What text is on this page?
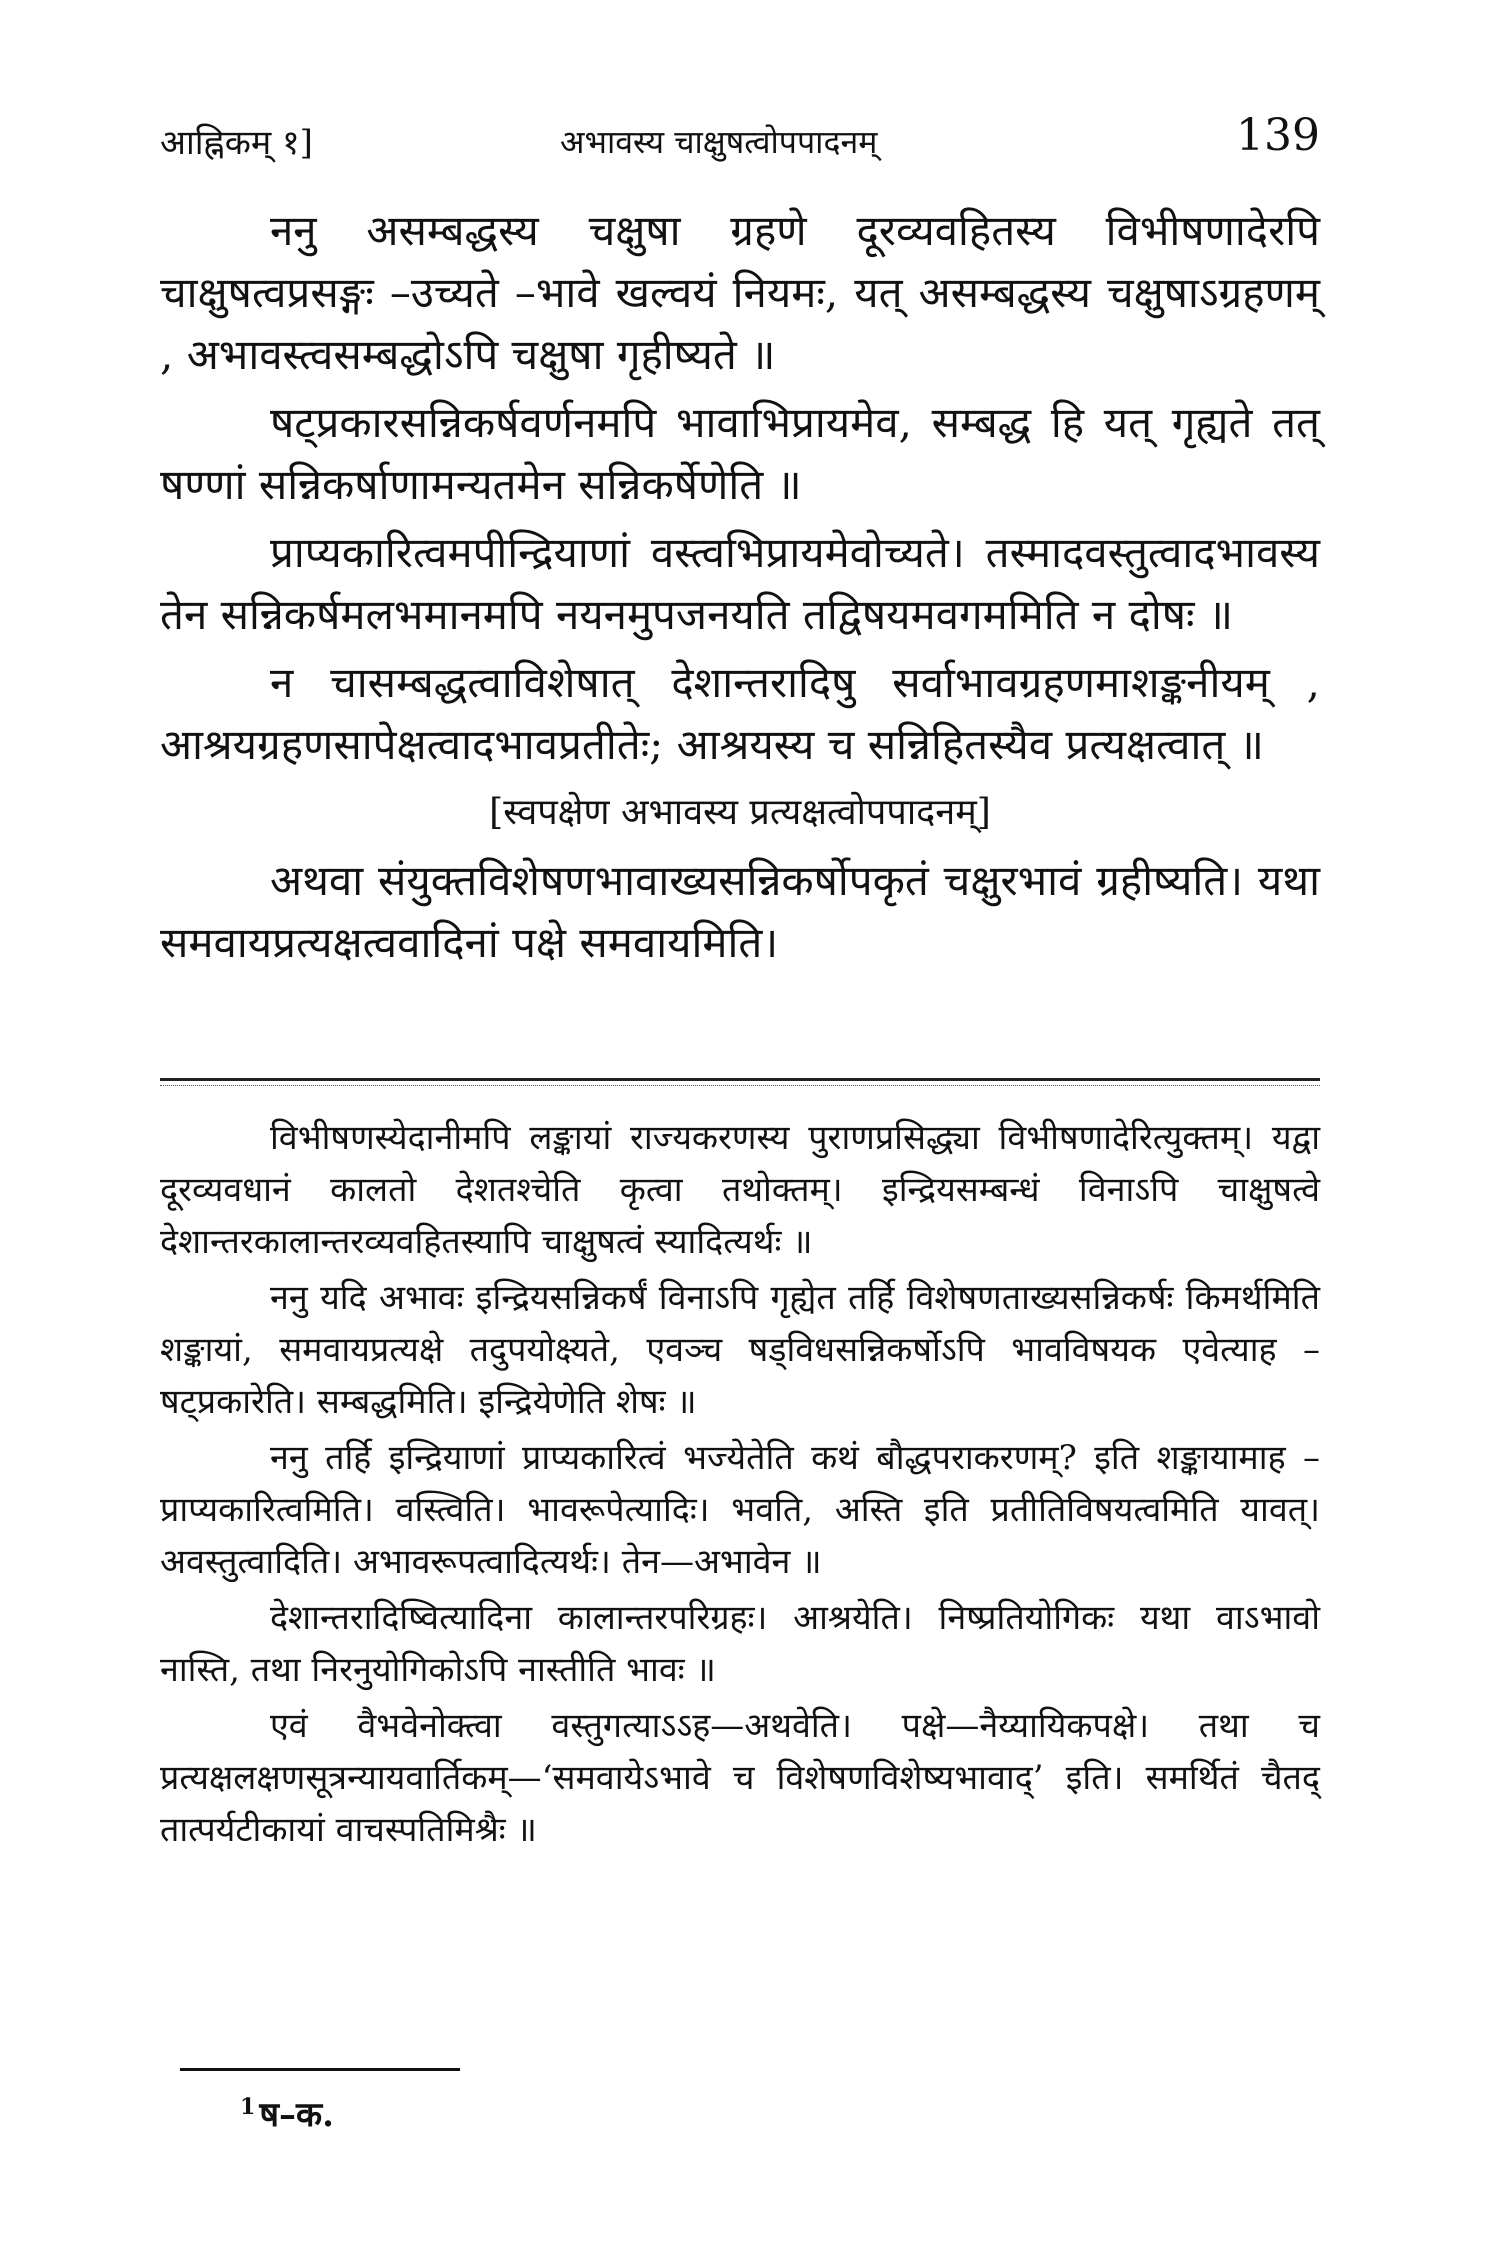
आह्निकम् १]	अभावस्य चाक्षुषत्वोपपादनम्	139

ननु असम्बद्धस्य चक्षुषा ग्रहणे दूरव्यवहितस्य विभीषणादेरपि चाक्षुषत्वप्रसङ्गः –उच्यते –भावे खल्वयं नियमः, यत् असम्बद्धस्य चक्षुषाऽग्रहणम् , अभावस्त्वसम्बद्धोऽपि चक्षुषा गृहीष्यते ॥

षट्प्रकारसन्निकर्षवर्णनमपि भावाभिप्रायमेव, सम्बद्ध हि यत् गृह्यते तत् षण्णां सन्निकर्षाणामन्यतमेन सन्निकर्षेणेति ॥

प्राप्यकारित्वमपीन्द्रियाणां वस्त्वभिप्रायमेवोच्यते। तस्मादवस्तुत्वादभावस्य तेन सन्निकर्षमलभमानमपि नयनमुपजनयति तद्विषयमवगममिति न दोषः ॥

न चासम्बद्धत्वाविशेषात् देशान्तरादिषु सर्वाभावग्रहणमाशङ्कनीयम् , आश्रयग्रहणसापेक्षत्वादभावप्रतीतेः; आश्रयस्य च सन्निहितस्यैव प्रत्यक्षत्वात् ॥

[स्वपक्षेण अभावस्य प्रत्यक्षत्वोपपादनम्]

अथवा संयुक्तविशेषणभावाख्यसन्निकर्षोपकृतं चक्षुरभावं ग्रहीष्यति। यथा समवायप्रत्यक्षत्ववादिनां पक्षे समवायमिति।

विभीषणस्येदानीमपि लङ्कायां राज्यकरणस्य पुराणप्रसिद्ध्या विभीषणादेरित्युक्तम्। यद्वा दूरव्यवधानं कालतो देशतश्चेति कृत्वा तथोक्तम्। इन्द्रियसम्बन्धं विनाऽपि चाक्षुषत्वे देशान्तरकालान्तरव्यवहितस्यापि चाक्षुषत्वं स्यादित्यर्थः ॥

ननु यदि अभावः इन्द्रियसन्निकर्षं विनाऽपि गृह्येत तर्हि विशेषणताख्यसन्निकर्षः किमर्थमिति शङ्कायां, समवायप्रत्यक्षे तदुपयोक्ष्यते, एवञ्च षड्विधसन्निकर्षोऽपि भावविषयक एवेत्याह –षट्प्रकारेति। सम्बद्धमिति। इन्द्रियेणेति शेषः ॥

ननु तर्हि इन्द्रियाणां प्राप्यकारित्वं भज्येतेति कथं बौद्धपराकरणम्? इति शङ्कायामाह –प्राप्यकारित्वमिति। वस्त्विति। भावरूपेत्यादिः। भवति, अस्ति इति प्रतीतिविषयत्वमिति यावत्। अवस्तुत्वादिति। अभावरूपत्वादित्यर्थः। तेन—अभावेन ॥

देशान्तरादिष्वित्यादिना कालान्तरपरिग्रहः। आश्रयेति। निष्प्रतियोगिकः यथा वाऽभावो नास्ति, तथा निरनुयोगिकोऽपि नास्तीति भावः ॥

एवं वैभवेनोक्त्वा वस्तुगत्याऽऽह—अथवेति। पक्षे—नैय्यायिकपक्षे। तथा च प्रत्यक्षलक्षणसूत्रन्यायवार्तिकम्—‘समवायेऽभावे च विशेषणविशेष्यभावाद्’ इति। समर्थितं चैतद् तात्पर्यटीकायां वाचस्पतिमिश्रैः ॥

$^1$ ष–क.
